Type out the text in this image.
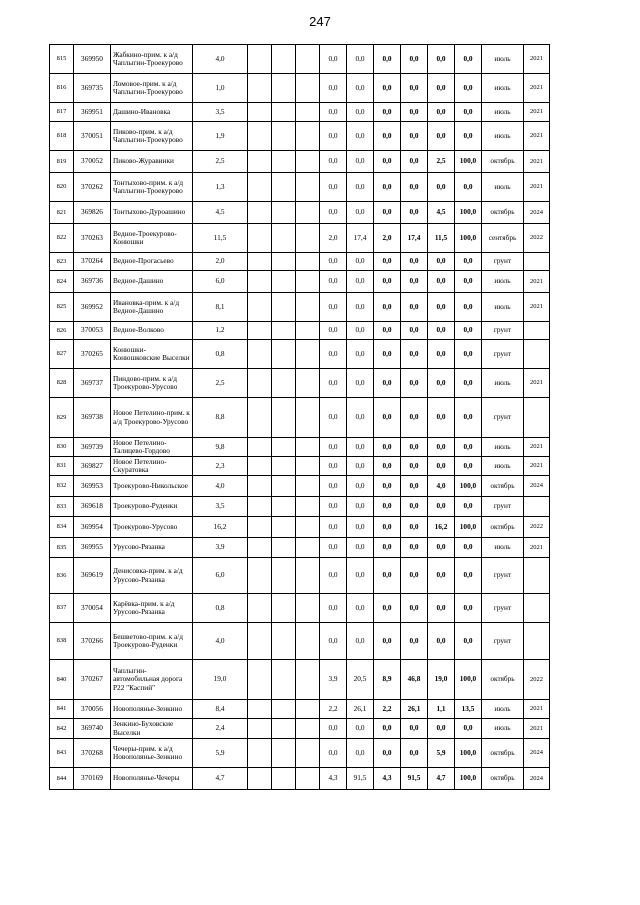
247
815	369950	Жабкино-прим. к а/д Чаплыгин-Троекурово	4,0				0,0	0,0	0,0	0,0	0,0	0,0	июль	2021
816	369735	Ломовое-прим. к а/д Чаплыгин-Троекурово	1,0				0,0	0,0	0,0	0,0	0,0	0,0	июль	2021
817	369951	Дашино-Ивановка	3,5				0,0	0,0	0,0	0,0	0,0	0,0	июль	2021
818	370051	Пиково-прим. к а/д Чаплыгин-Троекурово	1,9				0,0	0,0	0,0	0,0	0,0	0,0	июль	2021
819	370052	Пиково-Журавинки	2,5				0,0	0,0	0,0	0,0	2,5	100,0	октябрь	2021
820	370262	Тонтыхово-прим. к а/д Чаплыгин-Троекурово	1,3				0,0	0,0	0,0	0,0	0,0	0,0	июль	2021
821	369826	Тонтыхово-Дуроашино	4,5				0,0	0,0	0,0	0,0	4,5	100,0	октябрь	2024
822	370263	Ведное-Троекурово-Конюшки	11,5				2,0	17,4	2,0	17,4	11,5	100,0	сентябрь	2022
823	370264	Ведное-Прогасьево	2,0				0,0	0,0	0,0	0,0	0,0	0,0	грунт	
824	369736	Ведное-Дашино	6,0				0,0	0,0	0,0	0,0	0,0	0,0	июль	2021
825	369952	Ивановка-прим. к а/д Ведное-Дашино	8,1				0,0	0,0	0,0	0,0	0,0	0,0	июль	2021
826	370053	Ведное-Волково	1,2				0,0	0,0	0,0	0,0	0,0	0,0	грунт	
827	370265	Конюшки-Конюшковские Выселки	0,8				0,0	0,0	0,0	0,0	0,0	0,0	грунт	
828	369737	Пиндово-прим. к а/д Троекурово-Урусово	2,5				0,0	0,0	0,0	0,0	0,0	0,0	июль	2021
829	369738	Новое Петелино-прим. к а/д Троекурово-Урусово	8,8				0,0	0,0	0,0	0,0	0,0	0,0	грунт	
830	369739	Новое Петелино-Талицево-Гордово	9,8				0,0	0,0	0,0	0,0	0,0	0,0	июль	2021
831	369827	Новое Петелино-Скуратовка	2,3				0,0	0,0	0,0	0,0	0,0	0,0	июль	2021
832	369953	Троекурово-Никольское	4,0				0,0	0,0	0,0	0,0	4,0	100,0	октябрь	2024
833	369618	Троекурово-Руденки	3,5				0,0	0,0	0,0	0,0	0,0	0,0	грунт	
834	369954	Троекурово-Урусово	16,2				0,0	0,0	0,0	0,0	16,2	100,0	октябрь	2022
835	369955	Урусово-Рязанка	3,9				0,0	0,0	0,0	0,0	0,0	0,0	июль	2021
836	369619	Денисовка-прим. к а/д Урусово-Рязанка	6,0				0,0	0,0	0,0	0,0	0,0	0,0	грунт	
837	370054	Карёвка-прим. к а/д Урусово-Рязанка	0,8				0,0	0,0	0,0	0,0	0,0	0,0	грунт	
838	370266	Бешветово-прим. к а/д Троекурово-Руденки	4,0				0,0	0,0	0,0	0,0	0,0	0,0	грунт	
840	370267	Чаплыгин-автомобильная дорога Р22 "Каспий"	19,0				3,9	20,5	8,9	46,8	19,0	100,0	октябрь	2022
841	370056	Новополянье-Зенкино	8,4				2,2	26,1	2,2	26,1	1,1	13,5	июль	2021
842	369740	Зенкино-Буховские Выселки	2,4				0,0	0,0	0,0	0,0	0,0	0,0	июль	2021
843	370268	Чечеры-прим. к а/д Новополянье-Зенкино	5,9				0,0	0,0	0,0	0,0	5,9	100,0	октябрь	2024
844	370169	Новополянье-Чечеры	4,7				4,3	91,5	4,3	91,5	4,7	100,0	октябрь	2024
